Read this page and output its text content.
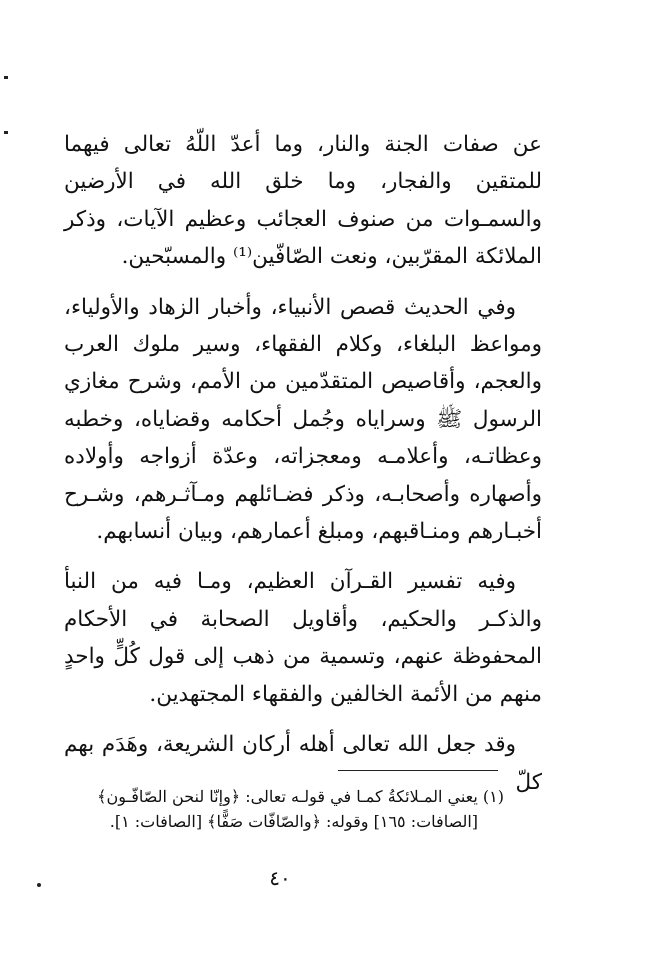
عن صفات الجنة والنار، وما أعدّ اللّهُ تعالى فيهما للمتقين والفجار، وما خلق الله في الأرضين والسمـوات من صنوف العجائب وعظيم الآيات، وذكر الملائكة المقرّبين، ونعت الصّافّين⁽¹⁾ والمسبّحين.

وفي الحديث قصص الأنبياء، وأخبار الزهاد والأولياء، ومواعظ البلغاء، وكلام الفقهاء، وسير ملوك العرب والعجم، وأقاصيص المتقدّمين من الأمم، وشرح مغازي الرسول ﷺ وسراياه وجُمل أحكامه وقضاياه، وخطبه وعظاتـه، وأعلامـه ومعجزاته، وعدّة أزواجه وأولاده وأصهاره وأصحابـه، وذكر فضـائلهم ومـآثـرهم، وشـرح أخبـارهم ومنـاقبهم، ومبلغ أعمارهم، وبيان أنسابهم.

وفيه تفسير القـرآن العظيم، ومـا فيه من النبأ والذكـر والحكيم، وأقاويل الصحابة في الأحكام المحفوظة عنهم، وتسمية من ذهب إلى قول كُلٍّ واحدٍ منهم من الأئمة الخالفين والفقهاء المجتهدين.

وقد جعل الله تعالى أهله أركان الشريعة، وهَدَم بهم كلّ

(١) يعني المـلائكةُ كمـا في قولـه تعالى: ﴿وإنّا لنحن الصّافّـون﴾

[الصافات: ١٦٥] وقوله: ﴿والصّافّات صَفًّا﴾ [الصافات: ١].

٤٠
